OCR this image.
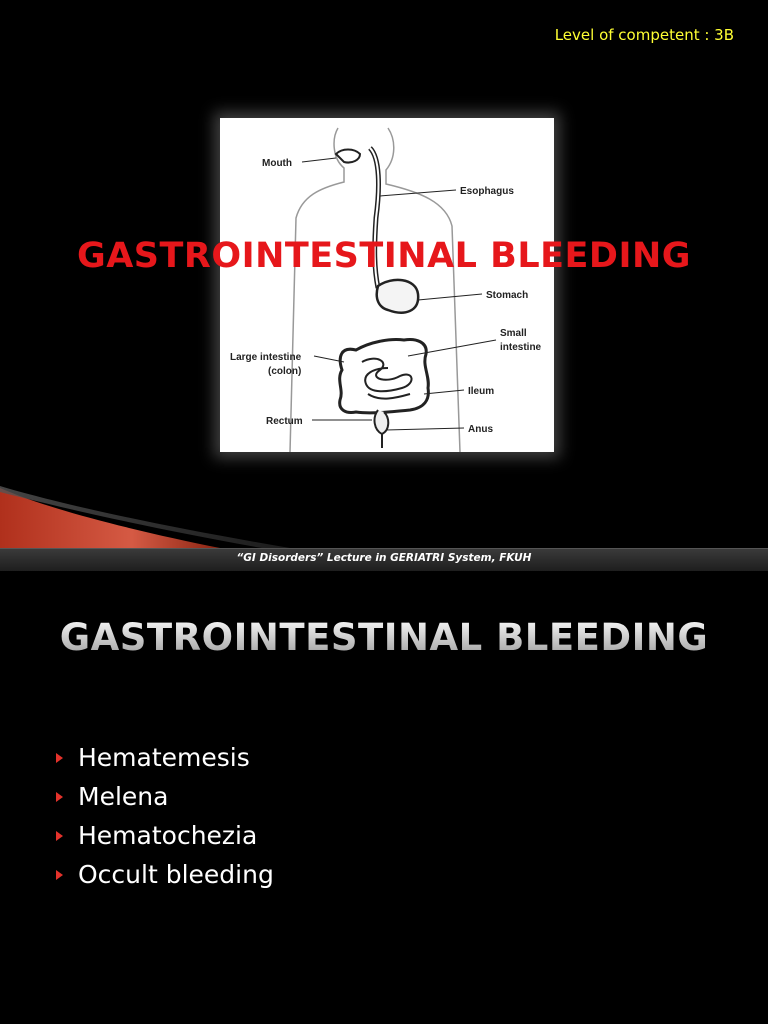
Level of competent : 3B
Mouth
Esophagus
Stomach
Small
intestine
Large intestine
(colon)
Ileum
Rectum
Anus
GASTROINTESTINAL BLEEDING
“GI Disorders” Lecture in GERIATRI System, FKUH
GASTROINTESTINAL BLEEDING
Hematemesis
Melena
Hematochezia
Occult bleeding
